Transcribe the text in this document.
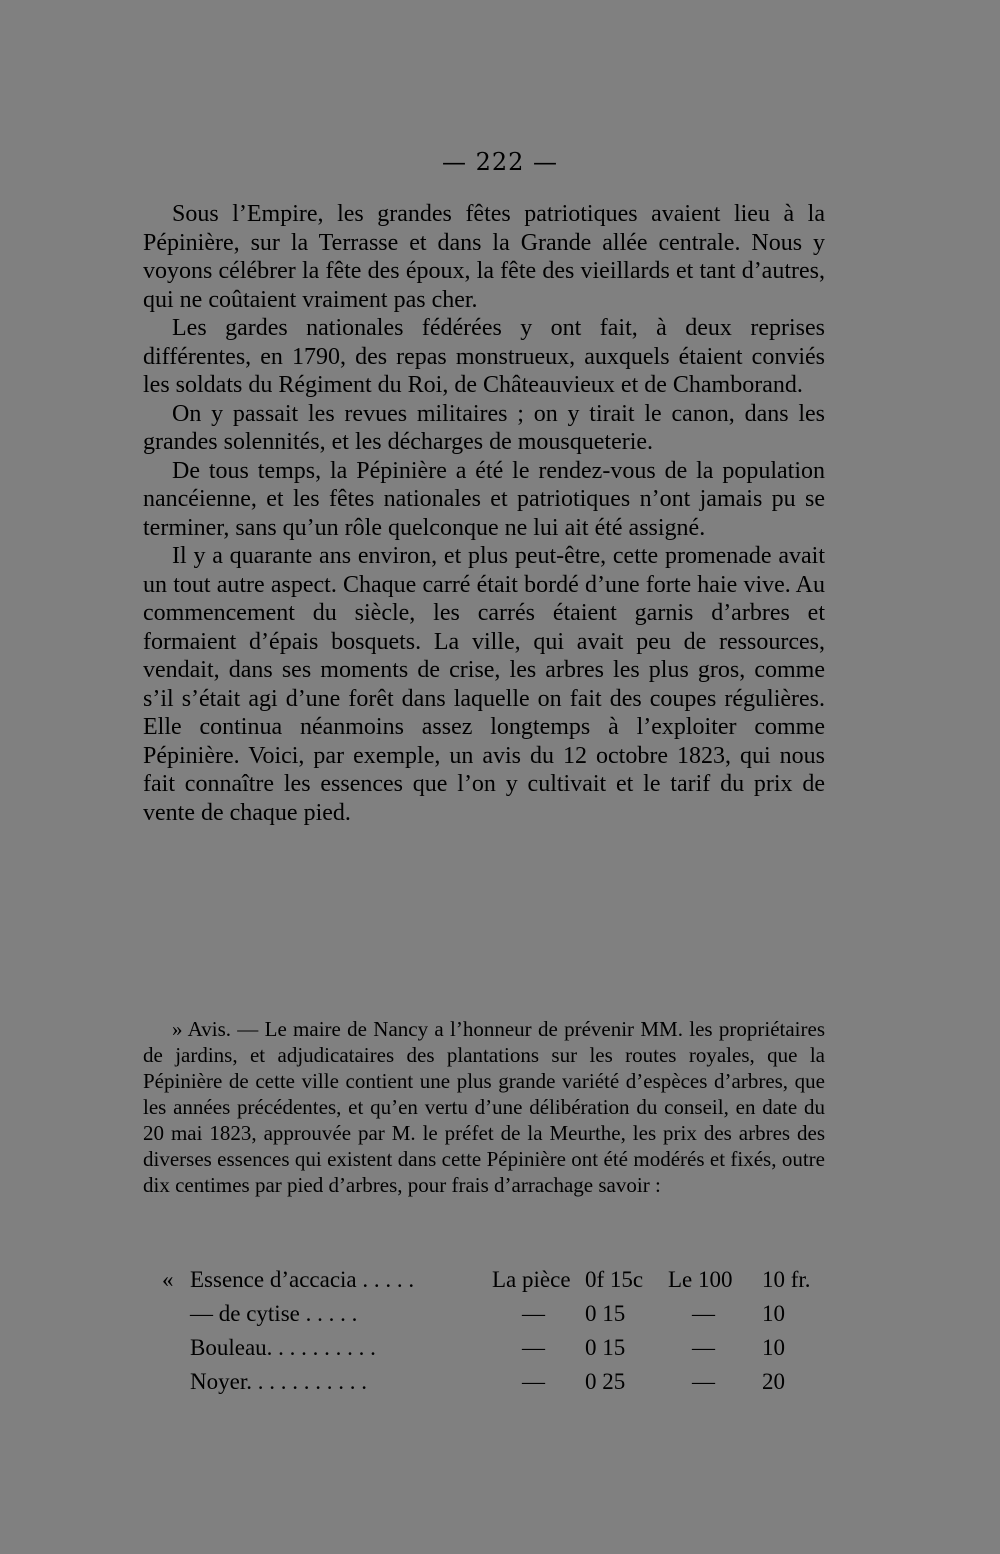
— 222 —

Sous l’Empire, les grandes fêtes patriotiques avaient lieu à la Pépinière, sur la Terrasse et dans la Grande allée centrale. Nous y voyons célébrer la fête des époux, la fête des vieillards et tant d’autres, qui ne coûtaient vraiment pas cher.

Les gardes nationales fédérées y ont fait, à deux reprises différentes, en 1790, des repas monstrueux, auxquels étaient conviés les soldats du Régiment du Roi, de Châteauvieux et de Chamborand.

On y passait les revues militaires ; on y tirait le canon, dans les grandes solennités, et les décharges de mousqueterie.

De tous temps, la Pépinière a été le rendez-vous de la population nancéienne, et les fêtes nationales et patriotiques n’ont jamais pu se terminer, sans qu’un rôle quelconque ne lui ait été assigné.

Il y a quarante ans environ, et plus peut-être, cette promenade avait un tout autre aspect. Chaque carré était bordé d’une forte haie vive. Au commencement du siècle, les carrés étaient garnis d’arbres et formaient d’épais bosquets. La ville, qui avait peu de ressources, vendait, dans ses moments de crise, les arbres les plus gros, comme s’il s’était agi d’une forêt dans laquelle on fait des coupes régulières. Elle continua néanmoins assez longtemps à l’exploiter comme Pépinière. Voici, par exemple, un avis du 12 octobre 1823, qui nous fait connaître les essences que l’on y cultivait et le tarif du prix de vente de chaque pied.

» Avis. — Le maire de Nancy a l’honneur de prévenir MM. les propriétaires de jardins, et adjudicataires des plantations sur les routes royales, que la Pépinière de cette ville contient une plus grande variété d’espèces d’arbres, que les années précédentes, et qu’en vertu d’une délibération du conseil, en date du 20 mai 1823, approuvée par M. le préfet de la Meurthe, les prix des arbres des diverses essences qui existent dans cette Pépinière ont été modérés et fixés, outre dix centimes par pied d’arbres, pour frais d’arrachage savoir :

« Essence d’accacia . . . . .	La pièce 0f 15c Le 100 10 fr.
— de cytise . . . . .	— 0 15	— 10
Bouleau. . . . . . . . . .	— 0 15	— 10
Noyer. . . . . . . . . . .	— 0 25	— 20
